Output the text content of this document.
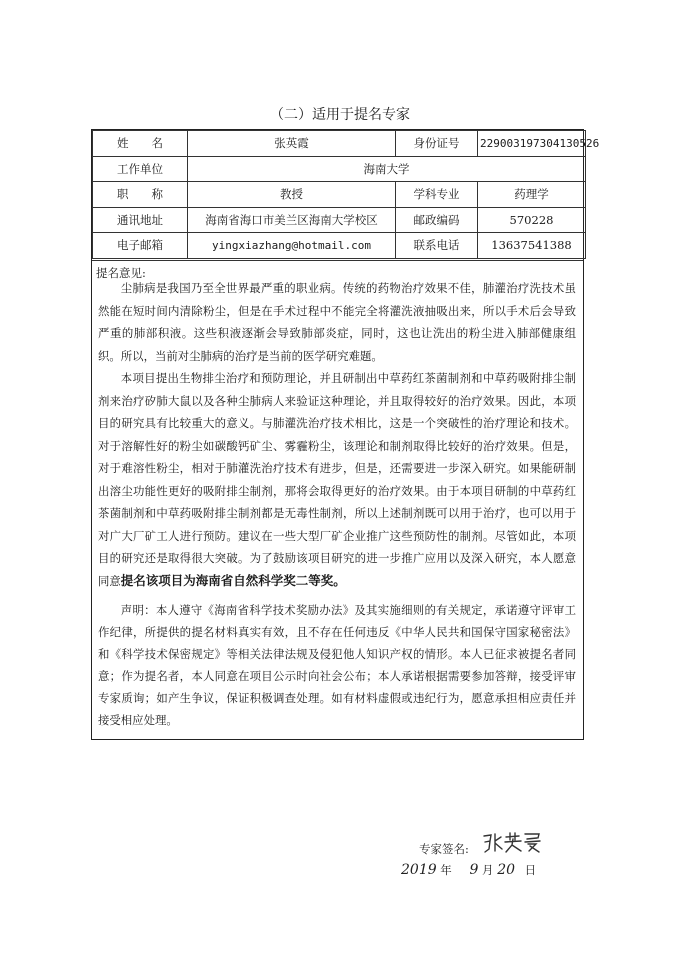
（二）适用于提名专家
姓　　名	张英霞	身份证号	229003197304130526
工作单位	海南大学		
职　　称	教授	学科专业	药理学
通讯地址	海南省海口市美兰区海南大学校区	邮政编码	570228
电子邮箱	yingxiazhang@hotmail.com	联系电话	13637541388
提名意见:

尘肺病是我国乃至全世界最严重的职业病。传统的药物治疗效果不佳，肺灌治疗洗技术虽然能在短时间内清除粉尘，但是在手术过程中不能完全将灌洗液抽吸出来，所以手术后会导致严重的肺部积液。这些积液逐渐会导致肺部炎症，同时，这也让洗出的粉尘进入肺部健康组织。所以，当前对尘肺病的治疗是当前的医学研究难题。

本项目提出生物排尘治疗和预防理论，并且研制出中草药红茶菌制剂和中草药吸附排尘制剂来治疗矽肺大鼠以及各种尘肺病人来验证这种理论，并且取得较好的治疗效果。因此，本项目的研究具有比较重大的意义。与肺灌洗治疗技术相比，这是一个突破性的治疗理论和技术。对于溶解性好的粉尘如碳酸钙矿尘、雾霾粉尘，该理论和制剂取得比较好的治疗效果。但是，对于难溶性粉尘，相对于肺灌洗治疗技术有进步，但是，还需要进一步深入研究。如果能研制出溶尘功能性更好的吸附排尘制剂，那将会取得更好的治疗效果。由于本项目研制的中草药红茶菌制剂和中草药吸附排尘制剂都是无毒性制剂，所以上述制剂既可以用于治疗，也可以用于对广大厂矿工人进行预防。建议在一些大型厂矿企业推广这些预防性的制剂。尽管如此，本项目的研究还是取得很大突破。为了鼓励该项目研究的进一步推广应用以及深入研究，本人愿意同意提名该项目为海南省自然科学奖二等奖。

声明：本人遵守《海南省科学技术奖励办法》及其实施细则的有关规定，承诺遵守评审工作纪律，所提供的提名材料真实有效，且不存在任何违反《中华人民共和国保守国家秘密法》和《科学技术保密规定》等相关法律法规及侵犯他人知识产权的情形。本人已征求被提名者同意；作为提名者，本人同意在项目公示时向社会公布；本人承诺根据需要参加答辩，接受评审专家质询；如产生争议，保证积极调查处理。如有材料虚假或违纪行为，愿意承担相应责任并接受相应处理。

专家签名:
2019 年 9 月 20 日
